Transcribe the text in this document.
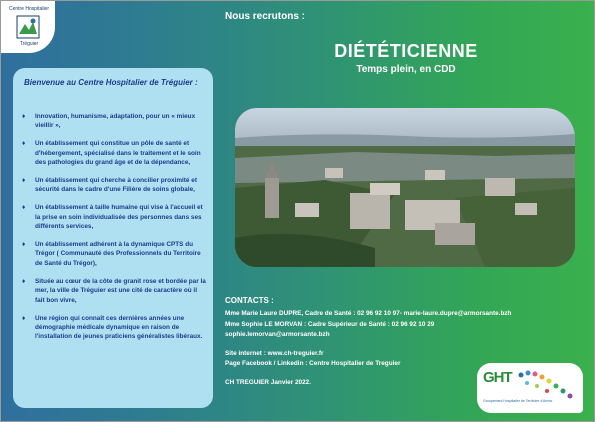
Centre Hospitalier
Tréguier
Nous recrutons :
DIÉTÉTICIENNE
Temps plein, en CDD
Bienvenue au Centre Hospitalier de Tréguier :
♦ Innovation, humanisme, adaptation, pour un « mieux vieillir »,
♦ Un établissement qui constitue un pôle de santé et d'hébergement, spécialisé dans le traitement et le soin des pathologies du grand âge et de la dépendance,
♦ Un établissement qui cherche à concilier proximité et sécurité dans le cadre d'une Filière de soins globale,
♦ Un établissement à taille humaine qui vise à l'accueil et la prise en soin individualisée des personnes dans ses différents services,
♦ Un établissement adhérent à la dynamique CPTS du Trégor ( Communauté des Professionnels du Territoire de Santé du Trégor),
♦ Située au cœur de la côte de granit rose et bordée par la mer, la ville de Tréguier est une cité de caractère où il fait bon vivre,
♦ Une région qui connaît ces dernières années une démographie médicale dynamique en raison de l'installation de jeunes praticiens généralistes libéraux.
CONTACTS :
Mme Marie Laure DUPRE, Cadre de Santé : 02 96 92 10 97- marie-laure.dupre@armorsante.bzh
Mme Sophie LE MORVAN : Cadre Supérieur de Santé : 02 96 92 10 29
sophie.lemorvan@armorsante.bzh
Site internet : www.ch-treguier.fr
Page Facebook / Linkedin : Centre Hospitalier de Treguier
CH TREGUIER Janvier 2022.	GHT
Groupement Hospitalier de Territoire d'Armor
